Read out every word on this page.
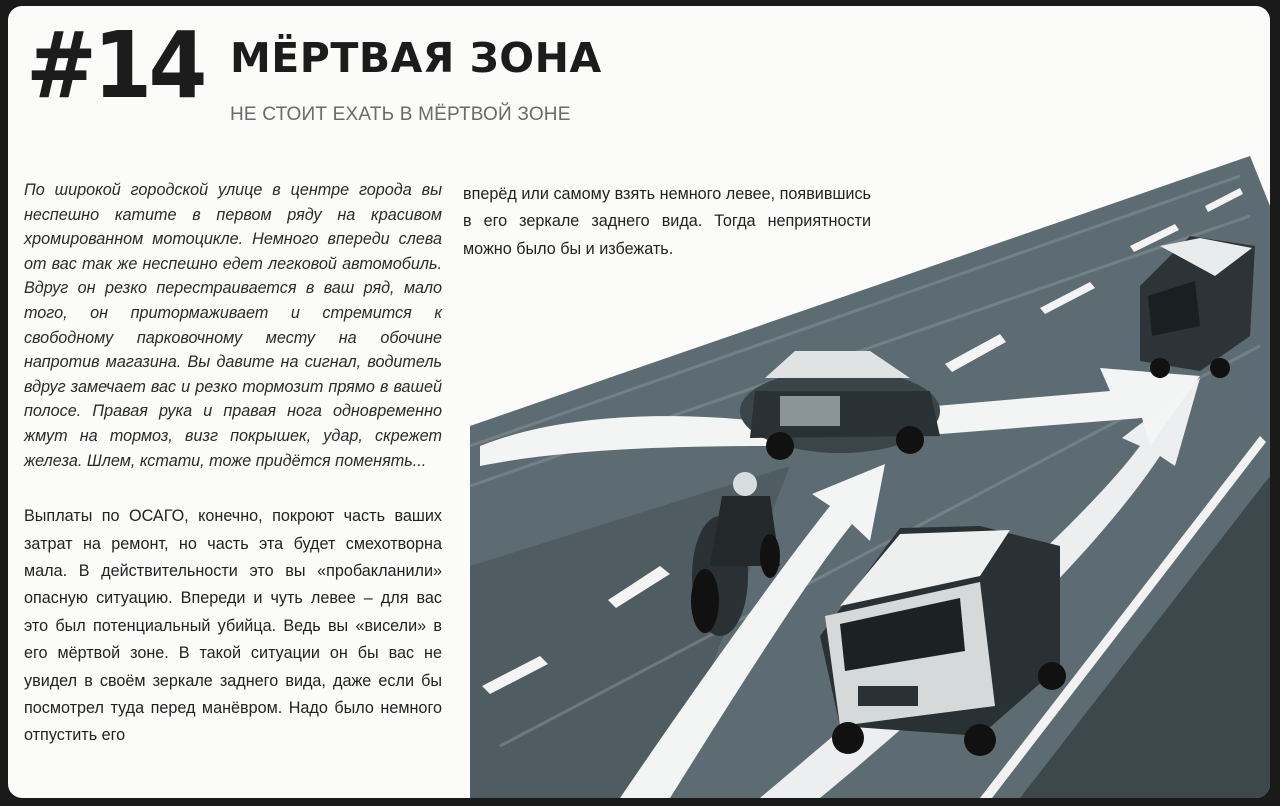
#14 МЁРТВАЯ ЗОНА
НЕ СТОИТ ЕХАТЬ В МЁРТВОЙ ЗОНЕ

По широкой городской улице в центре города вы неспешно катите в первом ряду на красивом хромированном мотоцикле. Немного впереди слева от вас так же неспешно едет легковой автомобиль. Вдруг он резко перестраивается в ваш ряд, мало того, он притормаживает и стремится к свободному парковочному месту на обочине напротив магазина. Вы давите на сигнал, водитель вдруг замечает вас и резко тормозит прямо в вашей полосе. Правая рука и правая нога одновременно жмут на тормоз, визг покрышек, удар, скрежет железа. Шлем, кстати, тоже придётся поменять...

Выплаты по ОСАГО, конечно, покроют часть ваших затрат на ремонт, но часть эта будет смехотворна мала. В действительности это вы «пробакланили» опасную ситуацию. Впереди и чуть левее – для вас это был потенциальный убийца. Ведь вы «висели» в его мёртвой зоне. В такой ситуации он бы вас не увидел в своём зеркале заднего вида, даже если бы посмотрел туда перед манёвром. Надо было немного отпустить его

вперёд или самому взять немного левее, появившись в его зеркале заднего вида. Тогда неприятности можно было бы и избежать.
